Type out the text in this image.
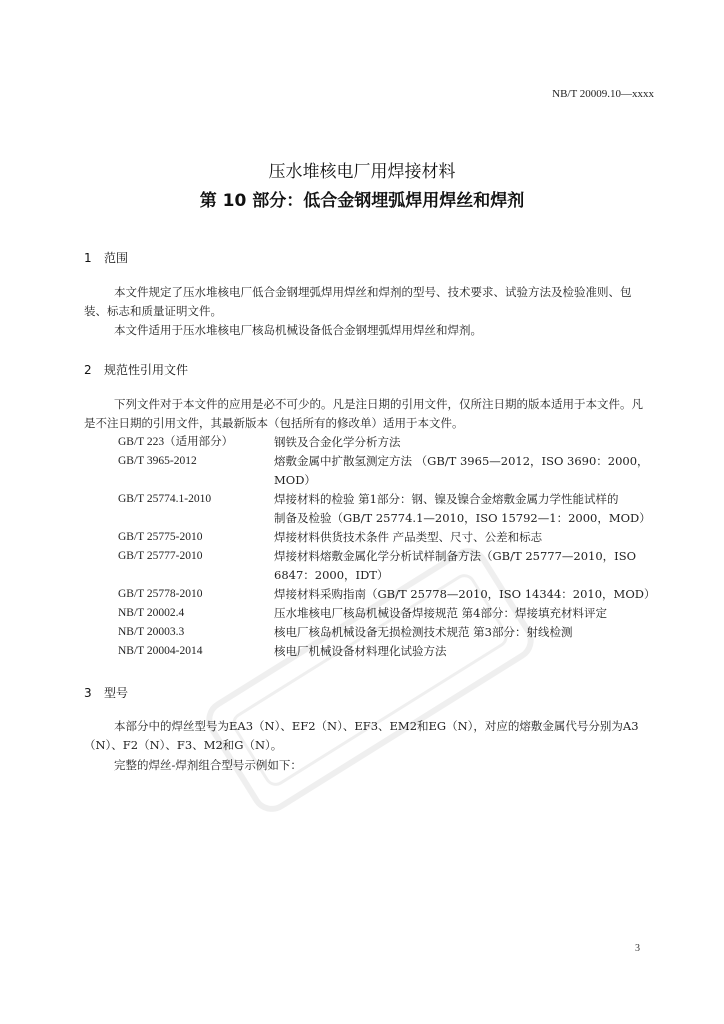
NB/T 20009.10—xxxx
压水堆核电厂用焊接材料
第 10 部分：低合金钢埋弧焊用焊丝和焊剂
1 范围
本文件规定了压水堆核电厂低合金钢埋弧焊用焊丝和焊剂的型号、技术要求、试验方法及检验准则、包装、标志和质量证明文件。
本文件适用于压水堆核电厂核岛机械设备低合金钢埋弧焊用焊丝和焊剂。
2 规范性引用文件
下列文件对于本文件的应用是必不可少的。凡是注日期的引用文件，仅所注日期的版本适用于本文件。凡是不注日期的引用文件，其最新版本（包括所有的修改单）适用于本文件。
GB/T 223（适用部分）	钢铁及合金化学分析方法
GB/T 3965-2012	熔敷金属中扩散氢测定方法 （GB/T 3965—2012，ISO 3690：2000，
MOD）
GB/T 25774.1-2010	焊接材料的检验 第1部分：钢、镍及镍合金熔敷金属力学性能试样的
制备及检验（GB/T 25774.1—2010，ISO 15792—1：2000，MOD）
GB/T 25775-2010	焊接材料供货技术条件 产品类型、尺寸、公差和标志
GB/T 25777-2010	焊接材料熔敷金属化学分析试样制备方法（GB/T 25777—2010，ISO
6847：2000，IDT）
GB/T 25778-2010	焊接材料采购指南（GB/T 25778—2010，ISO 14344：2010，MOD）
NB/T 20002.4	压水堆核电厂核岛机械设备焊接规范 第4部分：焊接填充材料评定
NB/T 20003.3	核电厂核岛机械设备无损检测技术规范 第3部分：射线检测
NB/T 20004-2014	核电厂机械设备材料理化试验方法
3 型号
本部分中的焊丝型号为EA3（N）、EF2（N）、EF3、EM2和EG（N），对应的熔敷金属代号分别为A3（N）、F2（N）、F3、M2和G（N）。
完整的焊丝-焊剂组合型号示例如下：
3
